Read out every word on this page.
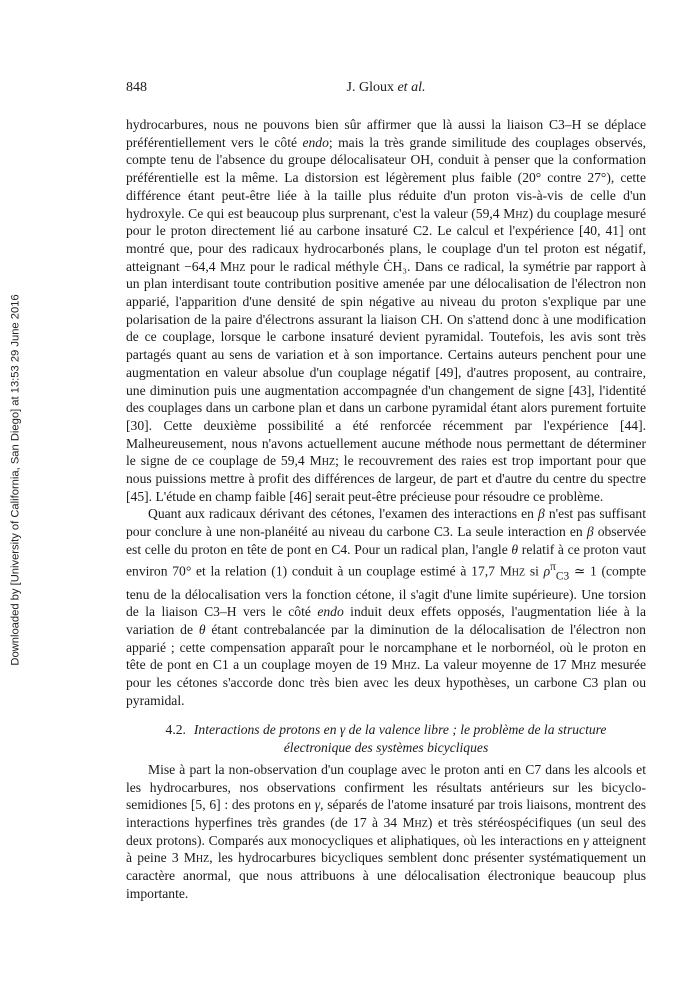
Downloaded by [University of California, San Diego] at 13:53 29 June 2016
848	J. Gloux et al.

hydrocarbures, nous ne pouvons bien sûr affirmer que là aussi la liaison C3–H se déplace préférentiellement vers le côté endo; mais la très grande similitude des couplages observés, compte tenu de l'absence du groupe délocalisateur OH, conduit à penser que la conformation préférentielle est la même. La distorsion est légèrement plus faible (20° contre 27°), cette différence étant peut-être liée à la taille plus réduite d'un proton vis-à-vis de celle d'un hydroxyle. Ce qui est beaucoup plus surprenant, c'est la valeur (59,4 Mhz) du couplage mesuré pour le proton directement lié au carbone insaturé C2. Le calcul et l'expérience [40, 41] ont montré que, pour des radicaux hydrocarbonés plans, le couplage d'un tel proton est négatif, atteignant −64,4 Mhz pour le radical méthyle ĊH₃. Dans ce radical, la symétrie par rapport à un plan interdisant toute contribution positive amenée par une délocalisation de l'électron non apparié, l'apparition d'une densité de spin négative au niveau du proton s'explique par une polarisation de la paire d'électrons assurant la liaison CH. On s'attend donc à une modification de ce couplage, lorsque le carbone insaturé devient pyramidal. Toutefois, les avis sont très partagés quant au sens de variation et à son importance. Certains auteurs penchent pour une augmentation en valeur absolue d'un couplage négatif [49], d'autres proposent, au contraire, une diminution puis une augmentation accompagnée d'un changement de signe [43], l'identité des couplages dans un carbone plan et dans un carbone pyramidal étant alors purement fortuite [30]. Cette deuxième possibilité a été renforcée récemment par l'expérience [44]. Malheureusement, nous n'avons actuellement aucune méthode nous permettant de déterminer le signe de ce couplage de 59,4 Mhz; le recouvrement des raies est trop important pour que nous puissions mettre à profit des différences de largeur, de part et d'autre du centre du spectre [45]. L'étude en champ faible [46] serait peut-être précieuse pour résoudre ce problème.

Quant aux radicaux dérivant des cétones, l'examen des interactions en β n'est pas suffisant pour conclure à une non-planéité au niveau du carbone C3. La seule interaction en β observée est celle du proton en tête de pont en C4. Pour un radical plan, l'angle θ relatif à ce proton vaut environ 70° et la relation (1) conduit à un couplage estimé à 17,7 Mhz si $\rho^\pi_{C3}$ ≃ 1 (compte tenu de la délocalisation vers la fonction cétone, il s'agit d'une limite supérieure). Une torsion de la liaison C3–H vers le côté endo induit deux effets opposés, l'augmentation liée à la variation de θ étant contrebalancée par la diminution de la délocalisation de l'électron non apparié ; cette compensation apparaît pour le norcamphane et le norbornéol, où le proton en tête de pont en C1 a un couplage moyen de 19 Mhz. La valeur moyenne de 17 Mhz mesurée pour les cétones s'accorde donc très bien avec les deux hypothèses, un carbone C3 plan ou pyramidal.

4.2. Interactions de protons en γ de la valence libre ; le problème de la structure
électronique des systèmes bicycliques

Mise à part la non-observation d'un couplage avec le proton anti en C7 dans les alcools et les hydrocarbures, nos observations confirment les résultats antérieurs sur les bicyclo-semidiones [5, 6] : des protons en γ, séparés de l'atome insaturé par trois liaisons, montrent des interactions hyperfines très grandes (de 17 à 34 Mhz) et très stéréospécifiques (un seul des deux protons). Comparés aux monocycliques et aliphatiques, où les interactions en γ atteignent à peine 3 Mhz, les hydrocarbures bicycliques semblent donc présenter systématiquement un caractère anormal, que nous attribuons à une délocalisation électronique beaucoup plus importante.
